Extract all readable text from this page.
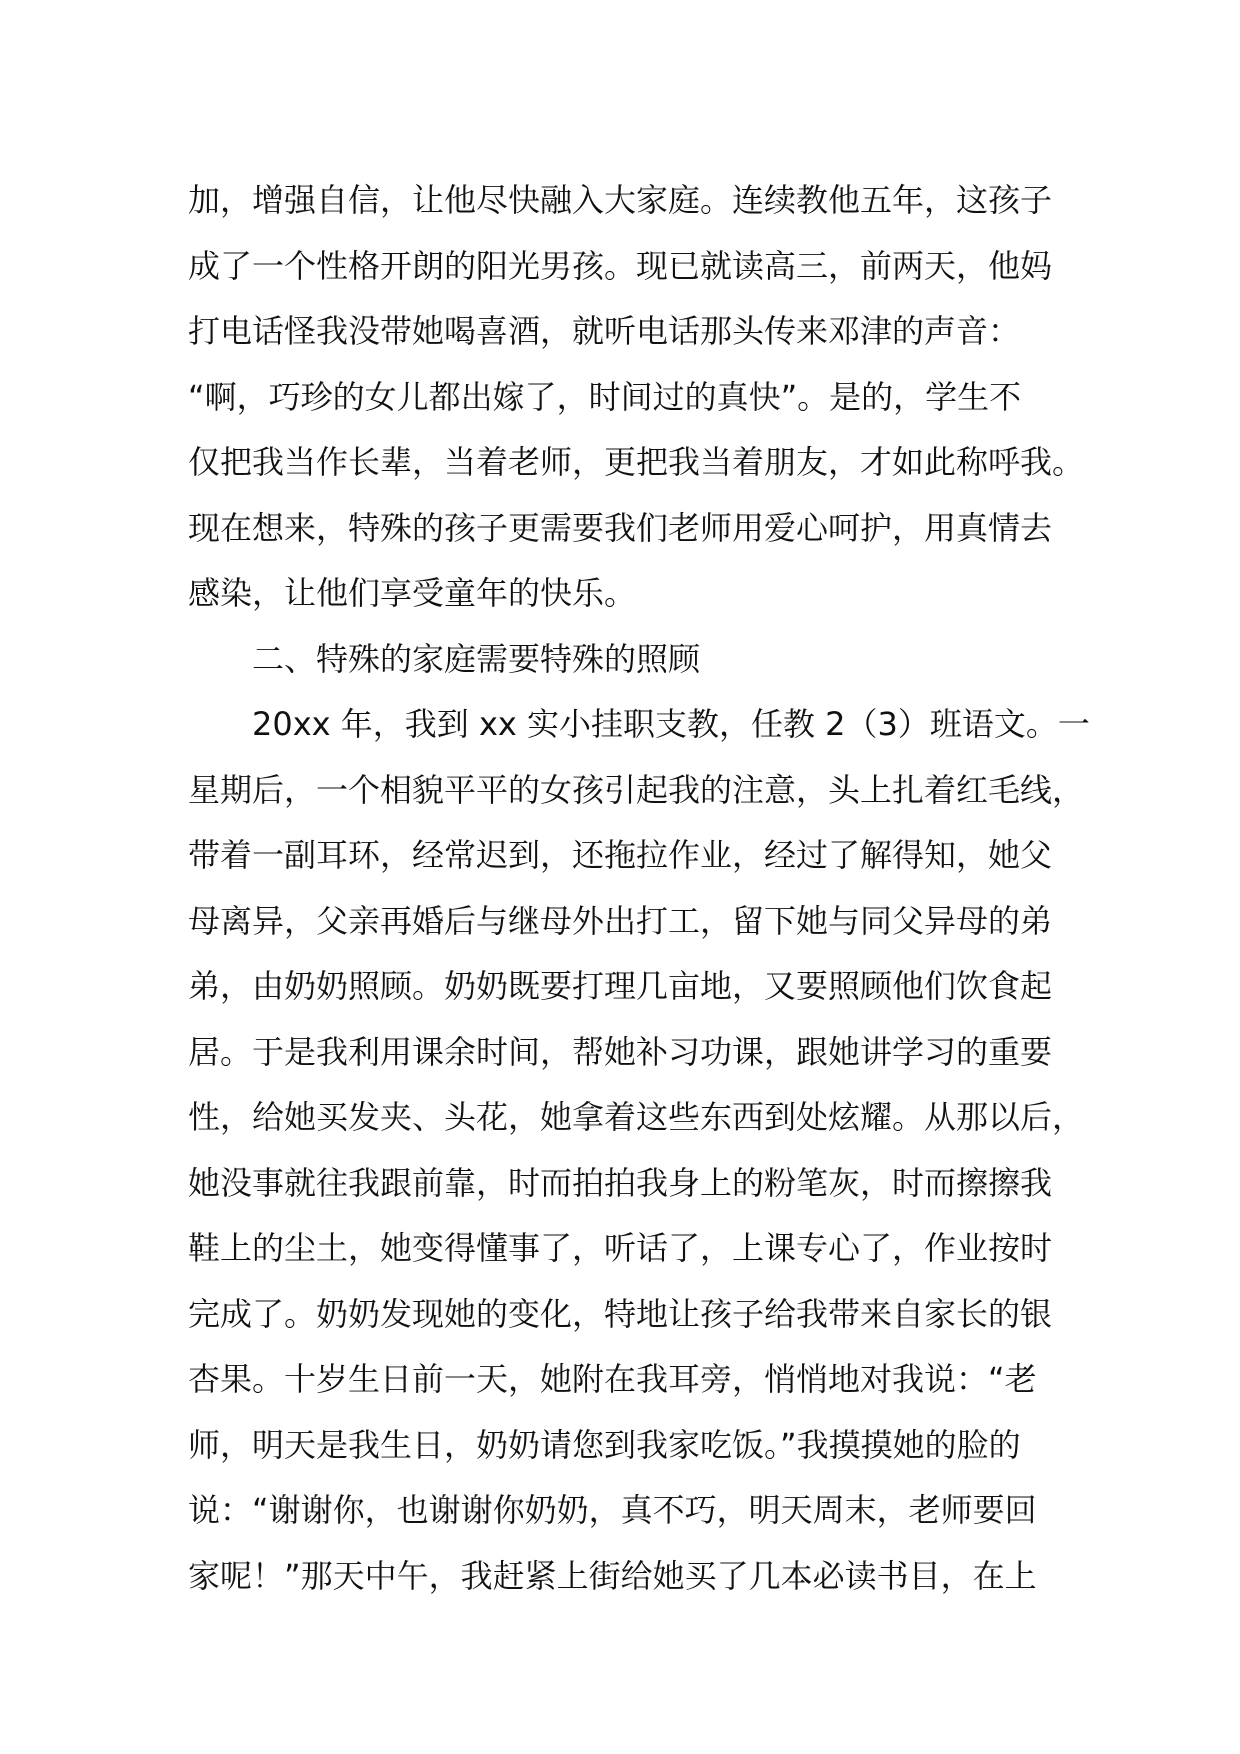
加，增强自信，让他尽快融入大家庭。连续教他五年，这孩子
成了一个性格开朗的阳光男孩。现已就读高三，前两天，他妈
打电话怪我没带她喝喜酒，就听电话那头传来邓津的声音：
“啊，巧珍的女儿都出嫁了，时间过的真快”。是的，学生不
仅把我当作长辈，当着老师，更把我当着朋友，才如此称呼我。
现在想来，特殊的孩子更需要我们老师用爱心呵护，用真情去
感染，让他们享受童年的快乐。
二、特殊的家庭需要特殊的照顾
20xx 年，我到 xx 实小挂职支教，任教 2（3）班语文。一
星期后，一个相貌平平的女孩引起我的注意，头上扎着红毛线，
带着一副耳环，经常迟到，还拖拉作业，经过了解得知，她父
母离异，父亲再婚后与继母外出打工，留下她与同父异母的弟
弟，由奶奶照顾。奶奶既要打理几亩地，又要照顾他们饮食起
居。于是我利用课余时间，帮她补习功课，跟她讲学习的重要
性，给她买发夹、头花，她拿着这些东西到处炫耀。从那以后，
她没事就往我跟前靠，时而拍拍我身上的粉笔灰，时而擦擦我
鞋上的尘土，她变得懂事了，听话了，上课专心了，作业按时
完成了。奶奶发现她的变化，特地让孩子给我带来自家长的银
杏果。十岁生日前一天，她附在我耳旁，悄悄地对我说：“老
师，明天是我生日，奶奶请您到我家吃饭。”我摸摸她的脸的
说：“谢谢你，也谢谢你奶奶，真不巧，明天周末，老师要回
家呢！”那天中午，我赶紧上街给她买了几本必读书目，在上
